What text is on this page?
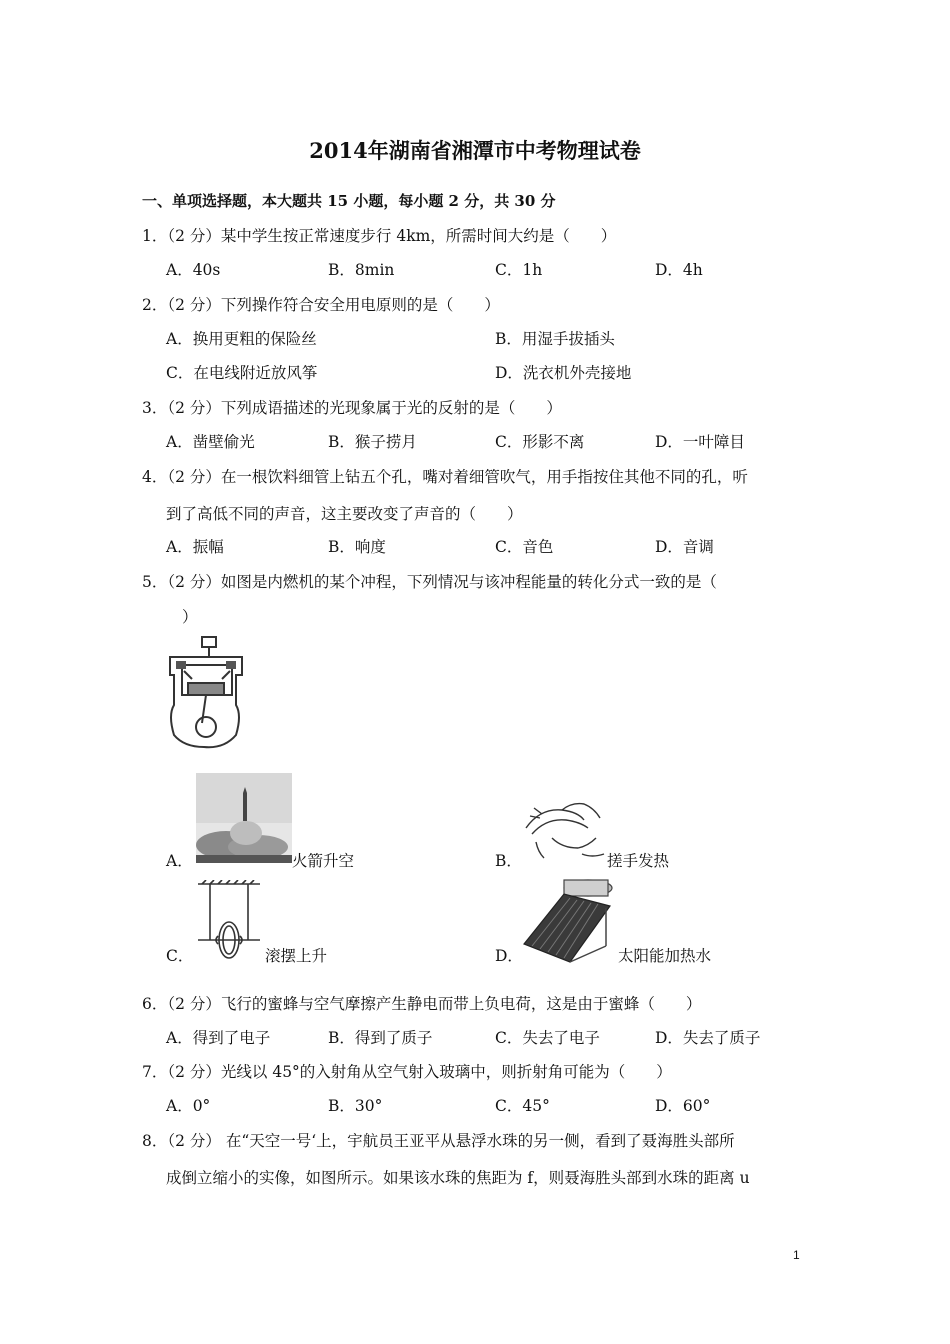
2014年湖南省湘潭市中考物理试卷
一、单项选择题，本大题共 15 小题，每小题 2 分，共 30 分
1．（2 分）某中学生按正常速度步行 4km，所需时间大约是（　　）
A．40s	B．8min	C．1h	D．4h
2．（2 分）下列操作符合安全用电原则的是（　　）
A．换用更粗的保险丝	B．用湿手拔插头
C．在电线附近放风筝	D．洗衣机外壳接地
3．（2 分）下列成语描述的光现象属于光的反射的是（　　）
A．凿壁偷光	B．猴子捞月	C．形影不离	D．一叶障目
4．（2 分）在一根饮料细管上钻五个孔，嘴对着细管吹气，用手指按住其他不同的孔，听
到了高低不同的声音，这主要改变了声音的（　　）
A．振幅	B．响度	C．音色	D．音调
5．（2 分）如图是内燃机的某个冲程，下列情况与该冲程能量的转化分式一致的是（
）
A．	火箭升空	B．	搓手发热
C．	滚摆上升	D．	太阳能加热水
6．（2 分）飞行的蜜蜂与空气摩擦产生静电而带上负电荷，这是由于蜜蜂（　　）
A．得到了电子	B．得到了质子	C．失去了电子	D．失去了质子
7．（2 分）光线以 45°的入射角从空气射入玻璃中，则折射角可能为（　　）
A．0°	B．30°	C．45°	D．60°
8．（2 分） 在“天空一号‘上，宇航员王亚平从悬浮水珠的另一侧，看到了聂海胜头部所
成倒立缩小的实像，如图所示。如果该水珠的焦距为 f，则聂海胜头部到水珠的距离 u
1
